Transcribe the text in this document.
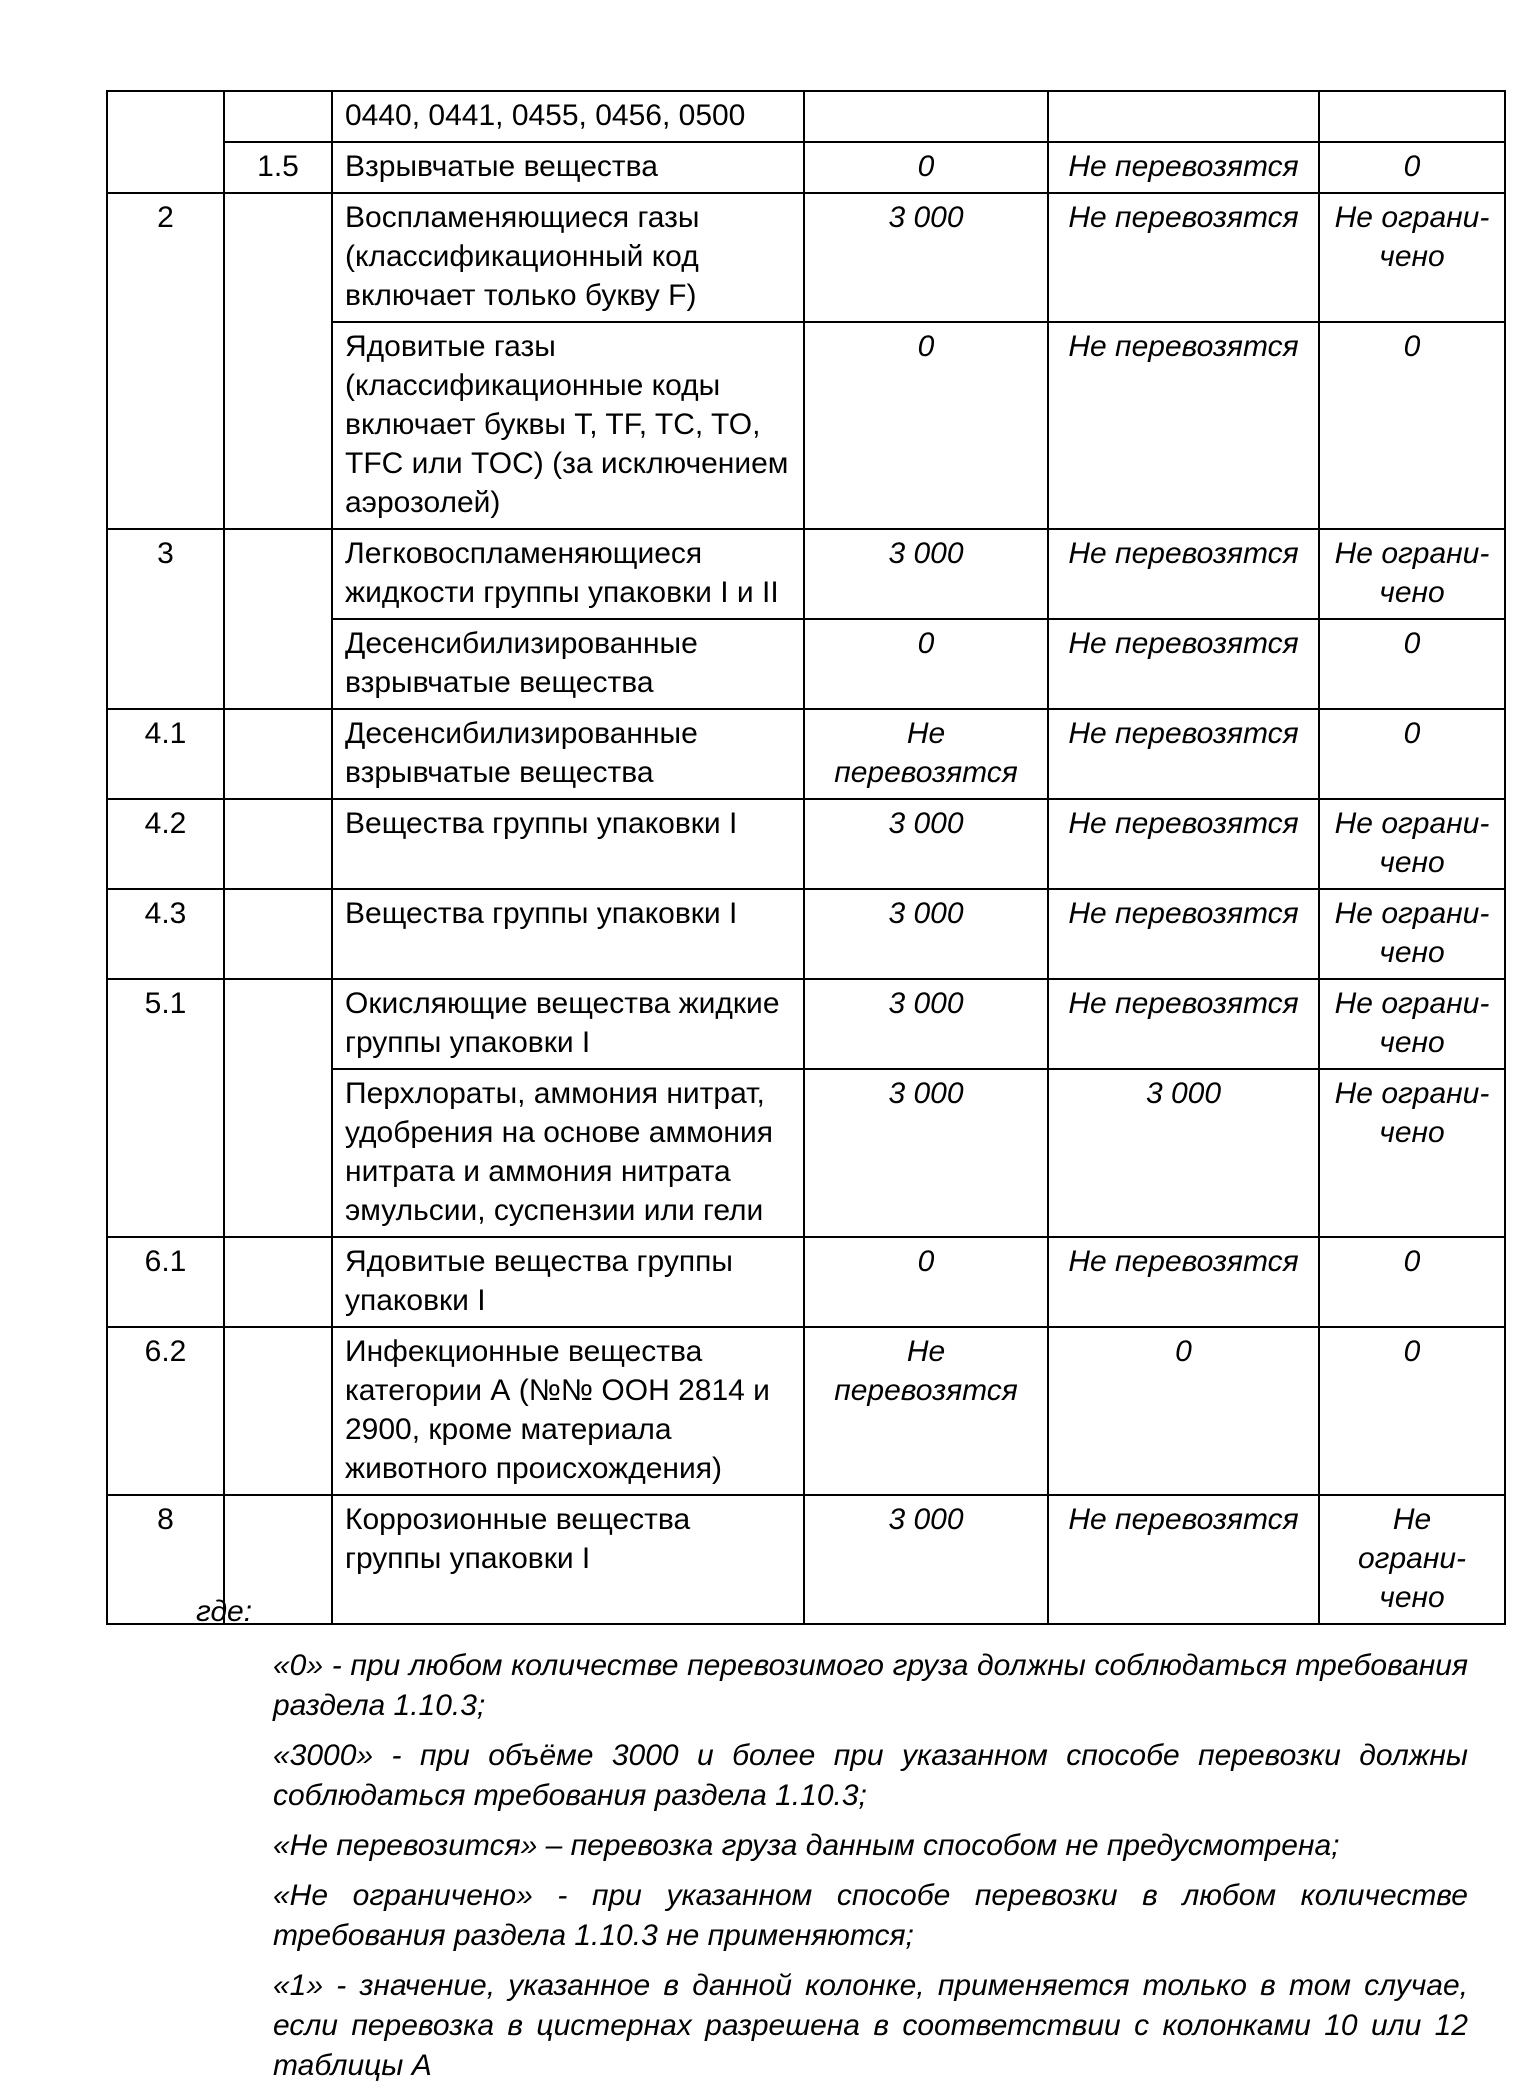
		0440, 0441, 0455, 0456, 0500			
	1.5	Взрывчатые вещества	0	Не перевозятся	0
2		Воспламеняющиеся газы (классификационный код включает только букву F)	3 000	Не перевозятся	Не ограни-
чено
		Ядовитые газы (классификационные коды включает буквы T, TF, TC, TO, TFC или TOC) (за исключением аэрозолей)	0	Не перевозятся	0
3		Легковоспламеняющиеся жидкости группы упаковки I и II	3 000	Не перевозятся	Не ограни-
чено
		Десенсибилизированные взрывчатые вещества	0	Не перевозятся	0
4.1		Десенсибилизированные взрывчатые вещества	Не перевозятся	Не перевозятся	0
4.2		Вещества группы упаковки I	3 000	Не перевозятся	Не ограни-
чено
4.3		Вещества группы упаковки I	3 000	Не перевозятся	Не ограни-
чено
5.1		Окисляющие вещества жидкие группы упаковки I	3 000	Не перевозятся	Не ограни-
чено
		Перхлораты, аммония нитрат, удобрения на основе аммония нитрата и аммония нитрата эмульсии, суспензии или гели	3 000	3 000	Не ограни-
чено
6.1		Ядовитые вещества группы упаковки I	0	Не перевозятся	0
6.2		Инфекционные вещества категории А (№№ ООН 2814 и 2900, кроме материала животного происхождения)	Не перевозятся	0	0
8		Коррозионные вещества группы упаковки I	3 000	Не перевозятся	Не
ограни-
чено
где:
«0» - при любом количестве перевозимого груза должны соблюдаться требования раздела 1.10.3;
«3000» - при объёме 3000 и более при указанном способе перевозки должны соблюдаться требования раздела 1.10.3;
«Не перевозится» – перевозка груза данным способом не предусмотрена;
«Не ограничено» - при указанном способе перевозки в любом количестве требования раздела 1.10.3 не применяются;
«1» - значение, указанное в данной колонке, применяется только в том случае, если перевозка в цистернах разрешена в соответствии с колонками 10 или 12 таблицы А
